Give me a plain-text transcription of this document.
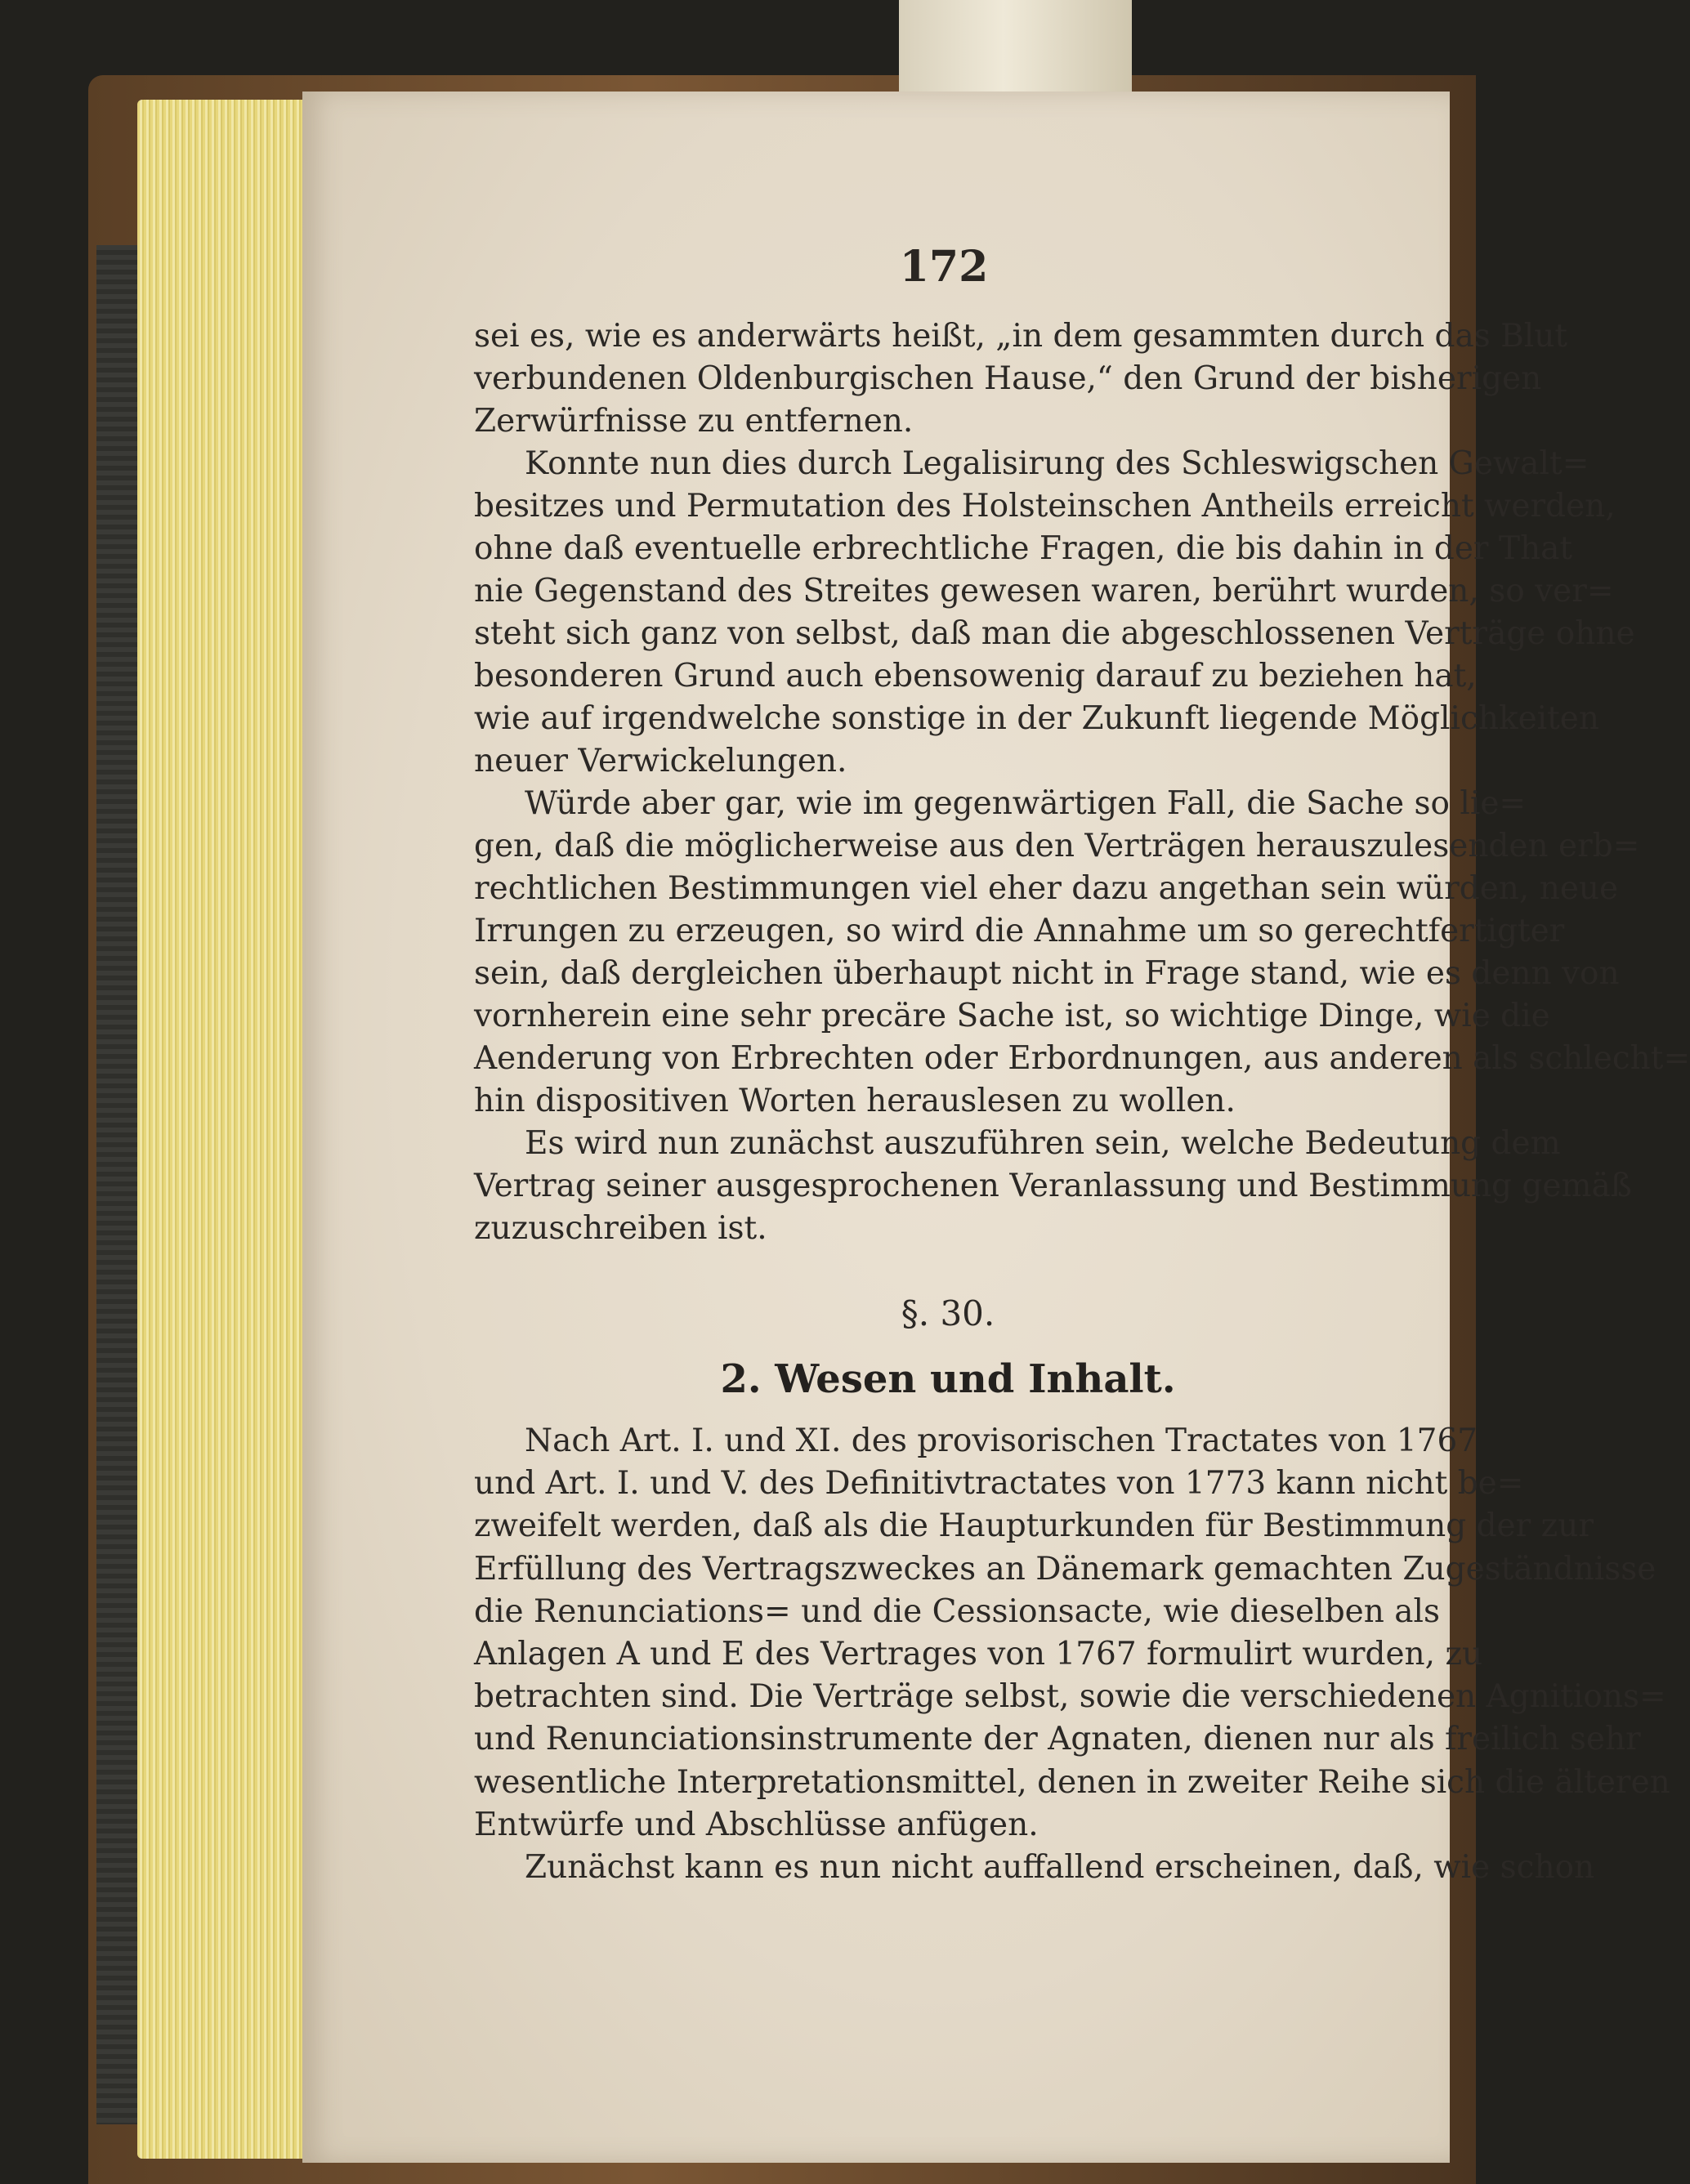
172
sei es, wie es anderwärts heißt, „in dem gesammten durch das Blut
verbundenen Oldenburgischen Hause,“ den Grund der bisherigen
Zerwürfnisse zu entfernen.
Konnte nun dies durch Legalisirung des Schleswigschen Gewalt=
besitzes und Permutation des Holsteinschen Antheils erreicht werden,
ohne daß eventuelle erbrechtliche Fragen, die bis dahin in der That
nie Gegenstand des Streites gewesen waren, berührt wurden, so ver=
steht sich ganz von selbst, daß man die abgeschlossenen Verträge ohne
besonderen Grund auch ebensowenig darauf zu beziehen hat,
wie auf irgendwelche sonstige in der Zukunft liegende Möglichkeiten
neuer Verwickelungen.
Würde aber gar, wie im gegenwärtigen Fall, die Sache so lie=
gen, daß die möglicherweise aus den Verträgen herauszulesenden erb=
rechtlichen Bestimmungen viel eher dazu angethan sein würden, neue
Irrungen zu erzeugen, so wird die Annahme um so gerechtfertigter
sein, daß dergleichen überhaupt nicht in Frage stand, wie es denn von
vornherein eine sehr precäre Sache ist, so wichtige Dinge, wie die
Aenderung von Erbrechten oder Erbordnungen, aus anderen als schlecht=
hin dispositiven Worten herauslesen zu wollen.
Es wird nun zunächst auszuführen sein, welche Bedeutung dem
Vertrag seiner ausgesprochenen Veranlassung und Bestimmung gemäß
zuzuschreiben ist.
§. 30.
2. Wesen und Inhalt.
Nach Art. I. und XI. des provisorischen Tractates von 1767
und Art. I. und V. des Definitivtractates von 1773 kann nicht be=
zweifelt werden, daß als die Haupturkunden für Bestimmung der zur
Erfüllung des Vertragszweckes an Dänemark gemachten Zugeständnisse
die Renunciations= und die Cessionsacte, wie dieselben als
Anlagen A und E des Vertrages von 1767 formulirt wurden, zu
betrachten sind. Die Verträge selbst, sowie die verschiedenen Agnitions=
und Renunciationsinstrumente der Agnaten, dienen nur als freilich sehr
wesentliche Interpretationsmittel, denen in zweiter Reihe sich die älteren
Entwürfe und Abschlüsse anfügen.
Zunächst kann es nun nicht auffallend erscheinen, daß, wie schon
